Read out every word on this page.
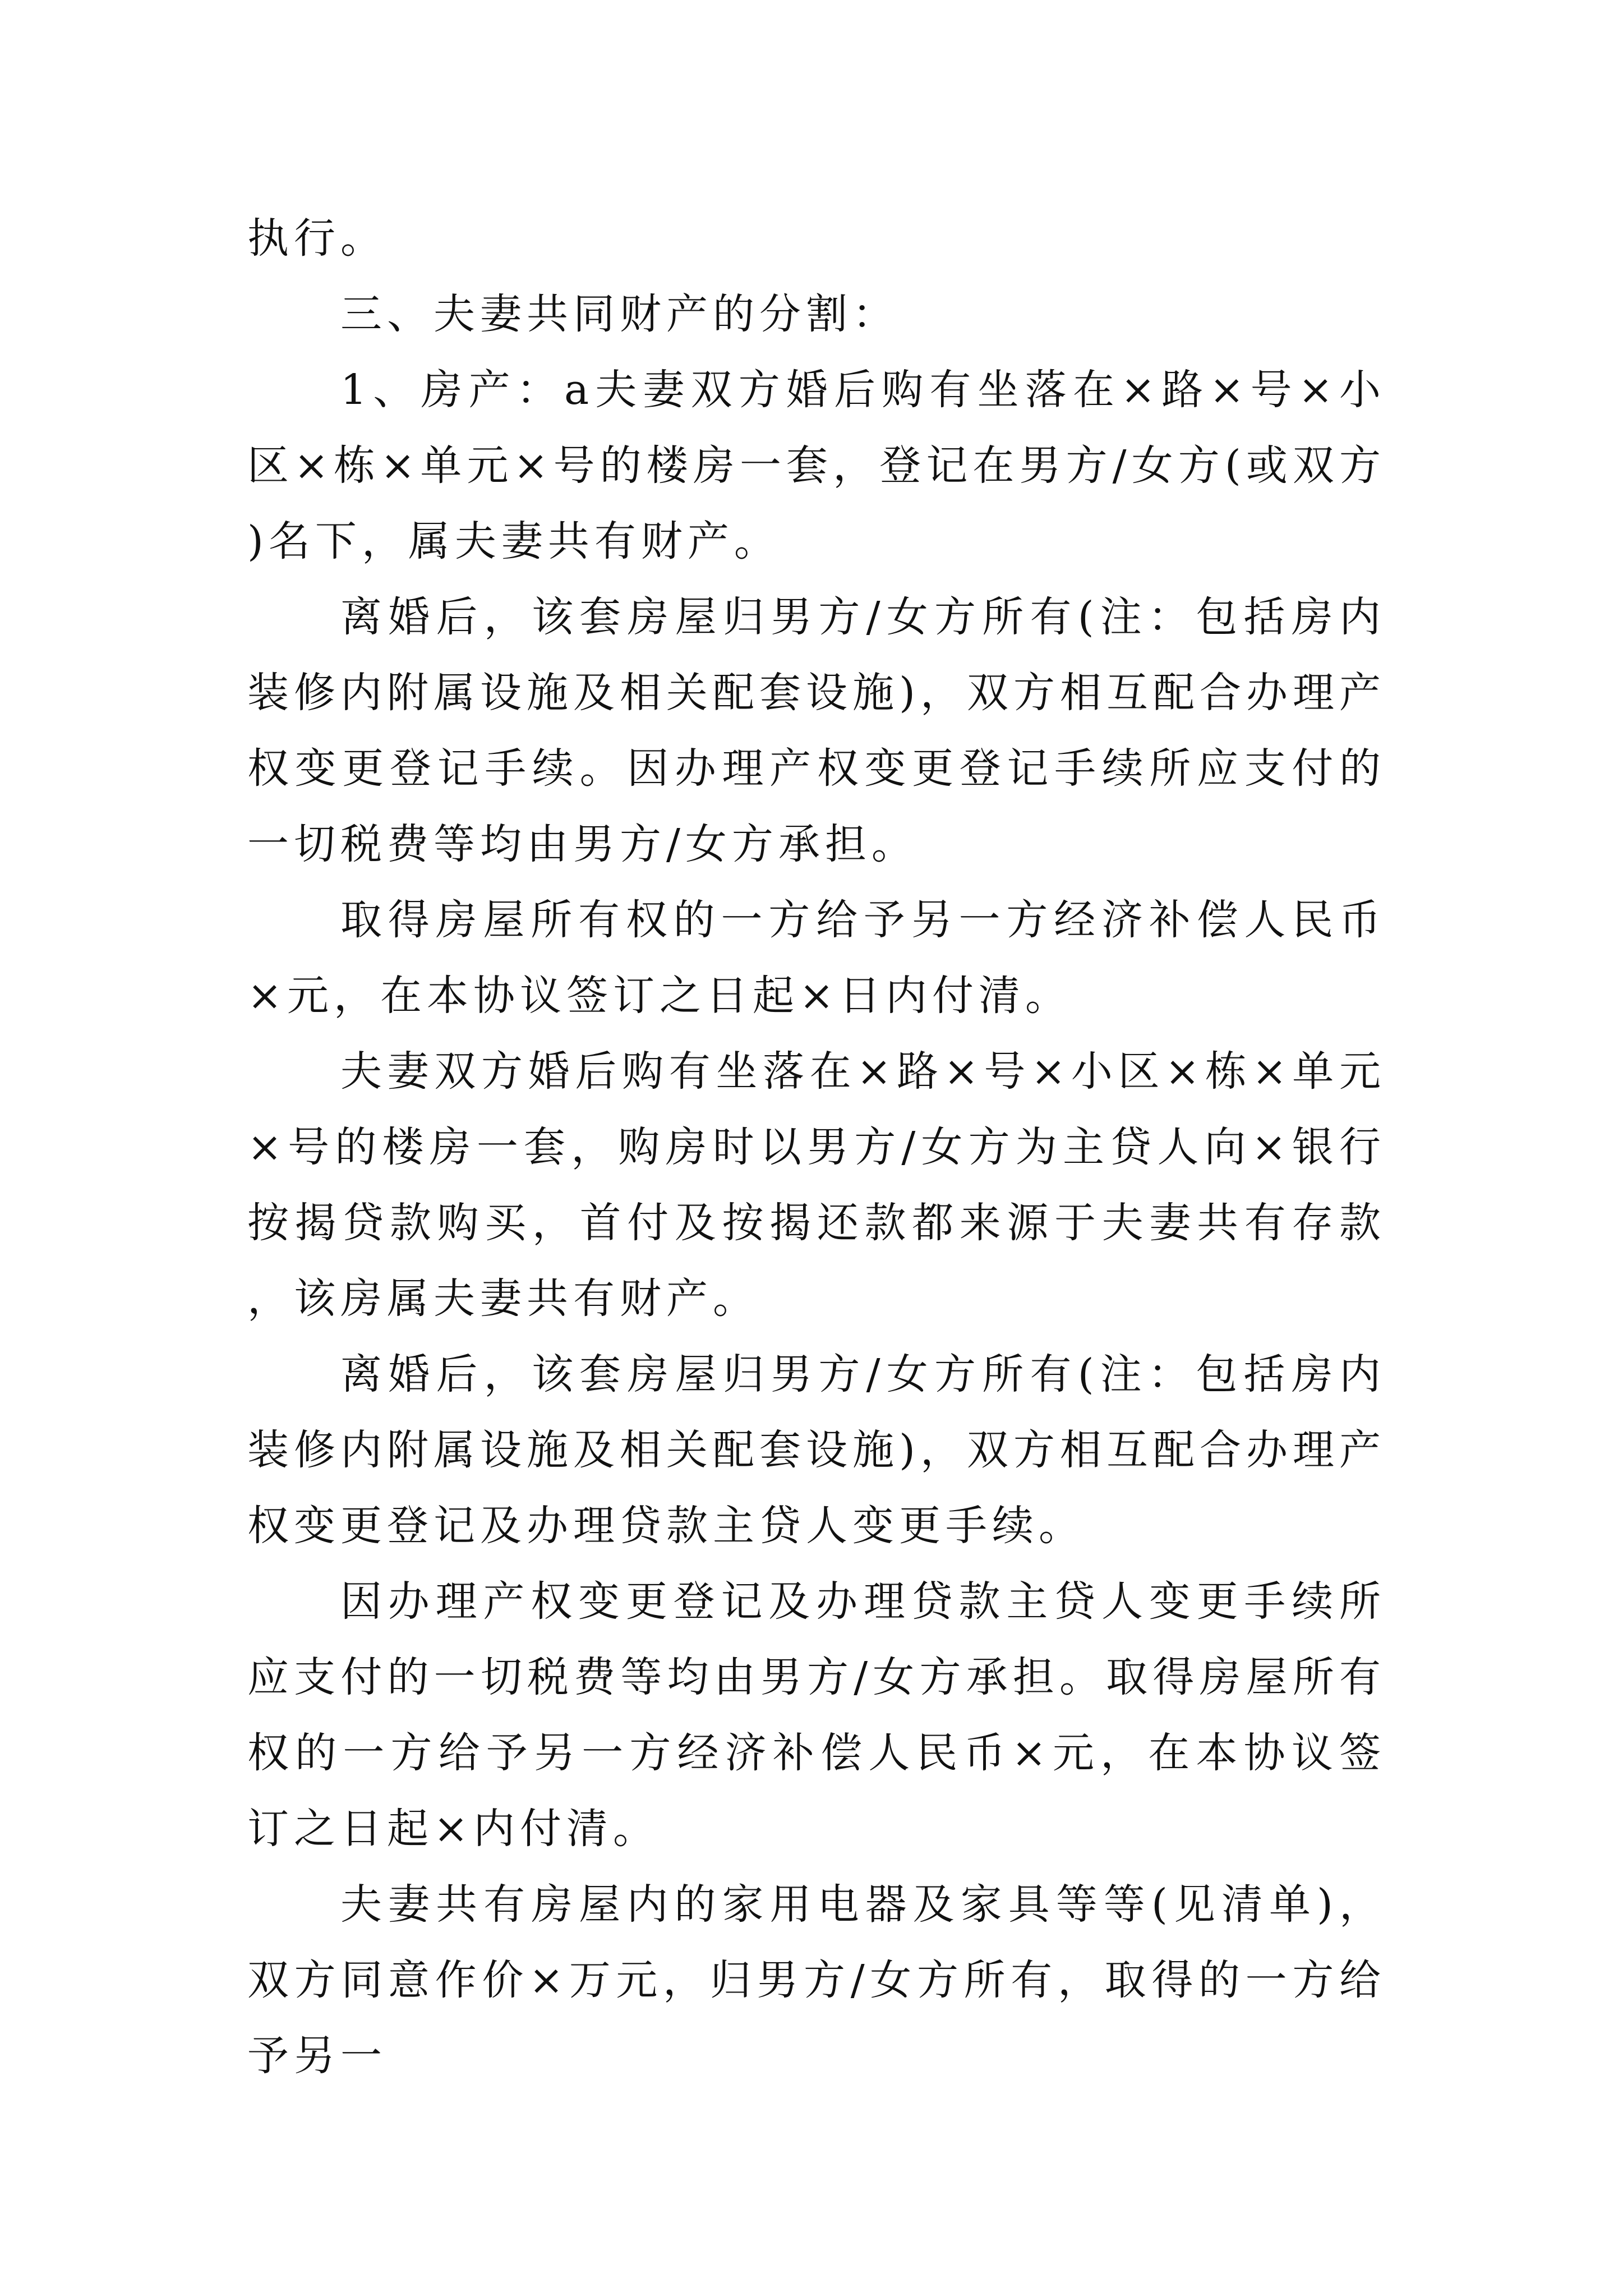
执行。

三、夫妻共同财产的分割：

1、房产：a夫妻双方婚后购有坐落在×路×号×小区×栋×单元×号的楼房一套，登记在男方/女方(或双方)名下，属夫妻共有财产。

离婚后，该套房屋归男方/女方所有(注：包括房内装修内附属设施及相关配套设施)，双方相互配合办理产权变更登记手续。因办理产权变更登记手续所应支付的一切税费等均由男方/女方承担。

取得房屋所有权的一方给予另一方经济补偿人民币×元，在本协议签订之日起×日内付清。

夫妻双方婚后购有坐落在×路×号×小区×栋×单元×号的楼房一套，购房时以男方/女方为主贷人向×银行按揭贷款购买，首付及按揭还款都来源于夫妻共有存款，该房属夫妻共有财产。

离婚后，该套房屋归男方/女方所有(注：包括房内装修内附属设施及相关配套设施)，双方相互配合办理产权变更登记及办理贷款主贷人变更手续。

因办理产权变更登记及办理贷款主贷人变更手续所应支付的一切税费等均由男方/女方承担。取得房屋所有权的一方给予另一方经济补偿人民币×元，在本协议签订之日起×内付清。

夫妻共有房屋内的家用电器及家具等等(见清单)，双方同意作价×万元，归男方/女方所有，取得的一方给予另一
